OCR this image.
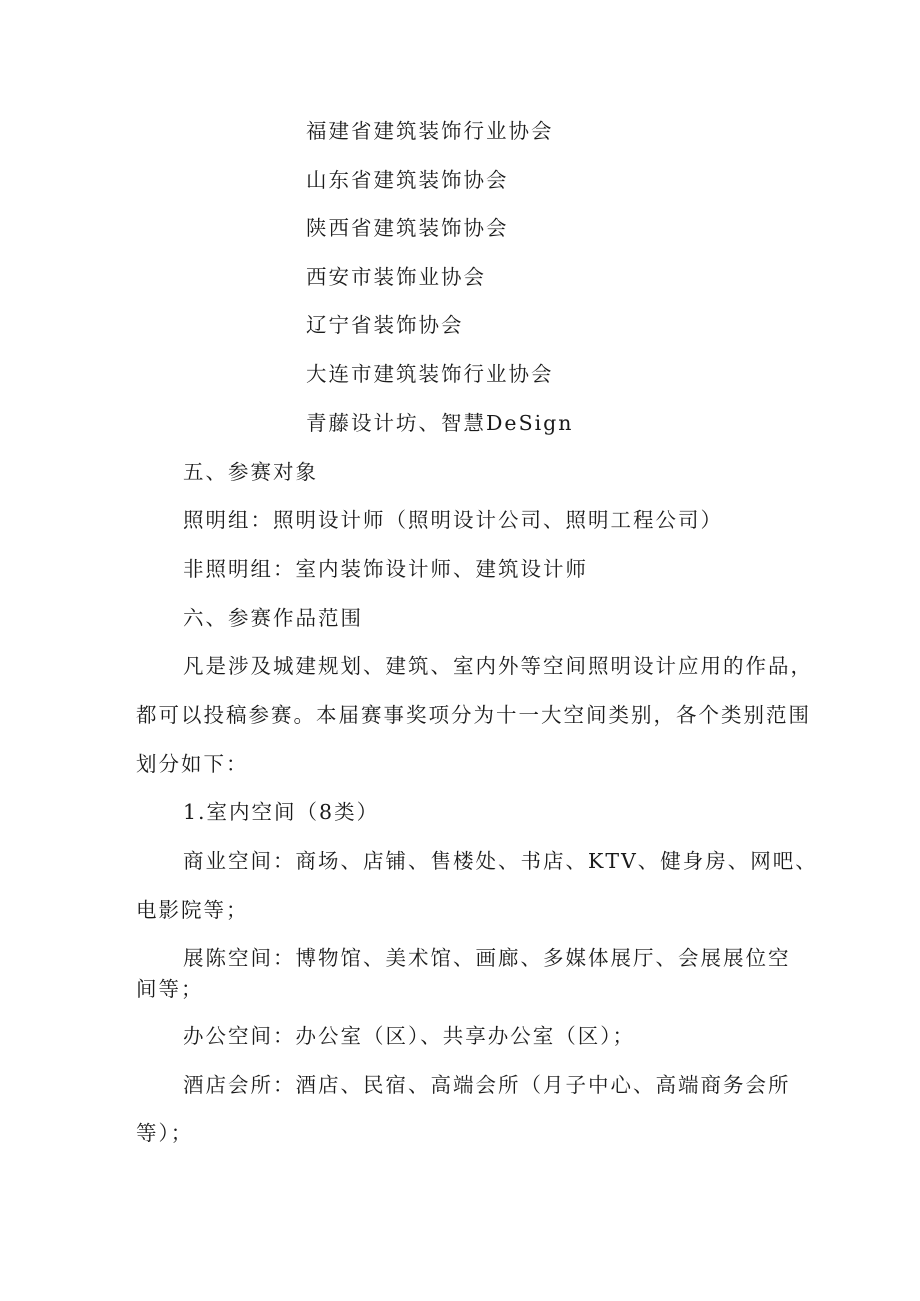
福建省建筑装饰行业协会
山东省建筑装饰协会
陕西省建筑装饰协会
西安市装饰业协会
辽宁省装饰协会
大连市建筑装饰行业协会
青藤设计坊、智慧DeSign
五、参赛对象
照明组：照明设计师（照明设计公司、照明工程公司）
非照明组：室内装饰设计师、建筑设计师
六、参赛作品范围
凡是涉及城建规划、建筑、室内外等空间照明设计应用的作品，
都可以投稿参赛。本届赛事奖项分为十一大空间类别，各个类别范围
划分如下：
1.室内空间（8类）
商业空间：商场、店铺、售楼处、书店、KTV、健身房、网吧、
电影院等；
展陈空间：博物馆、美术馆、画廊、多媒体展厅、会展展位空
间等；
办公空间：办公室（区）、共享办公室（区）；
酒店会所：酒店、民宿、高端会所（月子中心、高端商务会所
等）；
